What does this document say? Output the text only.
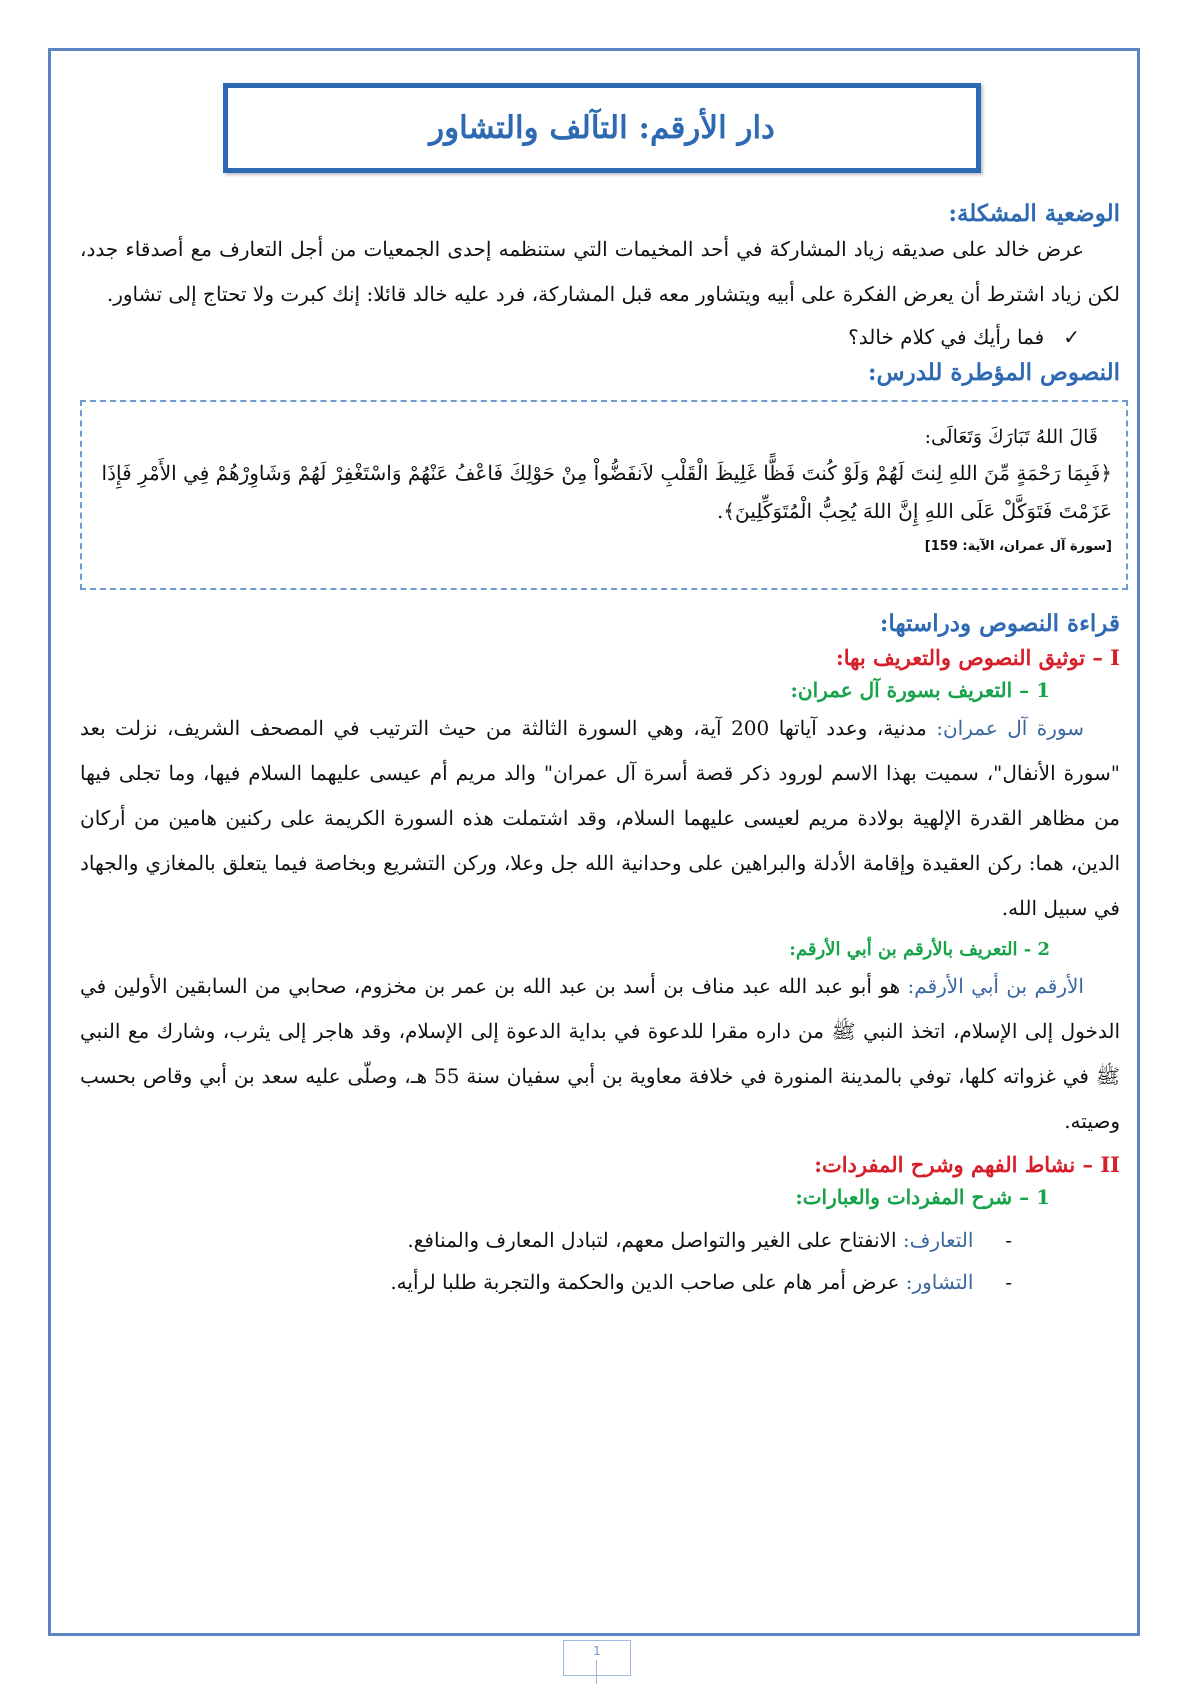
دار الأرقم: التآلف والتشاور
الوضعية المشكلة:

عرض خالد على صديقه زياد المشاركة في أحد المخيمات التي ستنظمه إحدى الجمعيات من أجل التعارف مع أصدقاء جدد، لكن زياد اشترط أن يعرض الفكرة على أبيه ويتشاور معه قبل المشاركة، فرد عليه خالد قائلا: إنك كبرت ولا تحتاج إلى تشاور.

✓   فما رأيك في كلام خالد؟
النصوص المؤطرة للدرس:
قَالَ اللهُ تَبَارَكَ وَتَعَالَى:
﴿فَبِمَا رَحْمَةٍ مِّنَ اللهِ لِنتَ لَهُمْ وَلَوْ كُنتَ فَظًّا غَلِيظَ الْقَلْبِ لاَنفَضُّواْ مِنْ حَوْلِكَ فَاعْفُ عَنْهُمْ وَاسْتَغْفِرْ لَهُمْ وَشَاوِرْهُمْ فِي الأَمْرِ فَإِذَا عَزَمْتَ فَتَوَكَّلْ عَلَى اللهِ إِنَّ اللهَ يُحِبُّ الْمُتَوَكِّلِينَ﴾.
[سورة آل عمران، الآية: 159]
قراءة النصوص ودراستها:
I – توثيق النصوص والتعريف بها:
1 – التعريف بسورة آل عمران:

سورة آل عمران: مدنية، وعدد آياتها 200 آية، وهي السورة الثالثة من حيث الترتيب في المصحف الشريف، نزلت بعد "سورة الأنفال"، سميت بهذا الاسم لورود ذكر قصة أسرة آل عمران" والد مريم أم عيسى عليهما السلام فيها، وما تجلى فيها من مظاهر القدرة الإلهية بولادة مريم لعيسى عليهما السلام، وقد اشتملت هذه السورة الكريمة على ركنين هامين من أركان الدين، هما: ركن العقيدة وإقامة الأدلة والبراهين على وحدانية الله جل وعلا، وركن التشريع وبخاصة فيما يتعلق بالمغازي والجهاد في سبيل الله.

2 - التعريف بالأرقم بن أبي الأرقم:

الأرقم بن أبي الأرقم: هو أبو عبد الله عبد مناف بن أسد بن عبد الله بن عمر بن مخزوم، صحابي من السابقين الأولين في الدخول إلى الإسلام، اتخذ النبي ﷺ من داره مقرا للدعوة في بداية الدعوة إلى الإسلام، وقد هاجر إلى يثرب، وشارك مع النبي ﷺ في غزواته كلها، توفي بالمدينة المنورة في خلافة معاوية بن أبي سفيان سنة 55 هـ، وصلّى عليه سعد بن أبي وقاص بحسب وصيته.

II – نشاط الفهم وشرح المفردات:
1 – شرح المفردات والعبارات:
-     التعارف: الانفتاح على الغير والتواصل معهم، لتبادل المعارف والمنافع.
-     التشاور: عرض أمر هام على صاحب الدين والحكمة والتجربة طلبا لرأيه.
1
